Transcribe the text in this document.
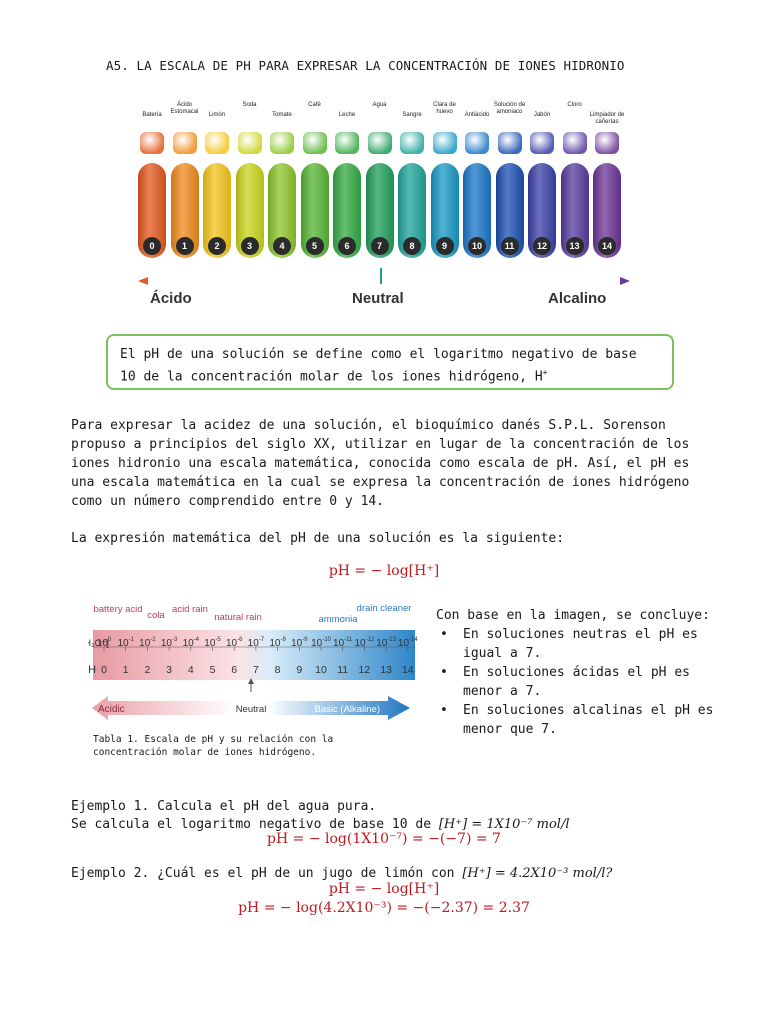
A5. LA ESCALA DE PH PARA EXPRESAR LA CONCENTRACIÓN DE IONES HIDRONIO
Batería
0
Ácido Estomacal
1
Limón
2
Soda
3
Tomate
4
Café
5
Leche
6
Agua
7
Sangre
8
Clara de huevo
9
Antiácido
10
Solución de amoniaco
11
Jabón
12
Cloro
13
Limpiador de cañerías
14
Ácido	Neutral	Alcalino

El pH de una solución se define como el logaritmo negativo de base 10 de la concentración molar de los iones hidrógeno, H+

Para expresar la acidez de una solución, el bioquímico danés S.P.L. Sorenson propuso a principios del siglo XX, utilizar en lugar de la concentración de los iones hidronio una escala matemática, conocida como escala de pH. Así, el pH es una escala matemática en la cual se expresa la concentración de iones hidrógeno como un número comprendido entre 0 y 14.

La expresión matemática del pH de una solución es la siguiente:

pH = − log[H⁺]
battery acid
cola
acid rain
natural rain	ammonia
drain cleaner
₃O⁺]
$10^0$ $10^{-1}$ $10^{-2}$ $10^{-3}$ $10^{-4}$ $10^{-5}$ $10^{-6}$ $10^{-7}$ $10^{-8}$ $10^{-9}$ $10^{-10}$ $10^{-11}$ $10^{-12}$ $10^{-13}$ $10^{-14}$
H 0 1 2 3 4 5 6 7 8 9 10 11 12 13 14
Acidic	Neutral	Basic (Alkaline)

Tabla 1. Escala de pH y su relación con la concentración molar de iones hidrógeno.

Con base en la imagen, se concluye:

• En soluciones neutras el pH es igual a 7.
• En soluciones ácidas el pH es menor a 7.
• En soluciones alcalinas el pH es menor que 7.

Ejemplo 1. Calcula el pH del agua pura.

Se calcula el logaritmo negativo de base 10 de [H⁺] = 1X10⁻⁷ mol/l

pH = − log(1X10⁻⁷) = −(−7) = 7

Ejemplo 2. ¿Cuál es el pH de un jugo de limón con [H⁺] = 4.2X10⁻³ mol/l?

pH = − log[H⁺]
pH = − log(4.2X10⁻³) = −(−2.37) = 2.37
